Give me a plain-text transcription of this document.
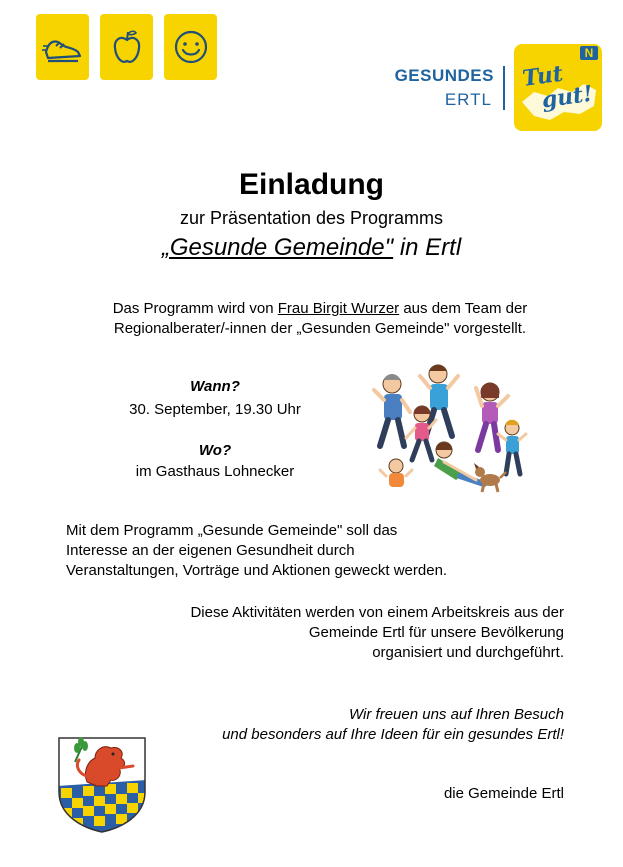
GESUNDES
ERTL
N
Tut
gut!
Einladung
zur Präsentation des Programms
„Gesunde Gemeinde" in Ertl
Das Programm wird von Frau Birgit Wurzer aus dem Team der
Regionalberater/-innen der „Gesunden Gemeinde" vorgestellt.
Wann?
30. September, 19.30 Uhr
Wo?
im Gasthaus Lohnecker
Mit dem Programm „Gesunde Gemeinde" soll das
Interesse an der eigenen Gesundheit durch
Veranstaltungen, Vorträge und Aktionen geweckt werden.
Diese Aktivitäten werden von einem Arbeitskreis aus der
Gemeinde Ertl für unsere Bevölkerung
organisiert und durchgeführt.
Wir freuen uns auf Ihren Besuch
und besonders auf Ihre Ideen für ein gesundes Ertl!
die Gemeinde Ertl
